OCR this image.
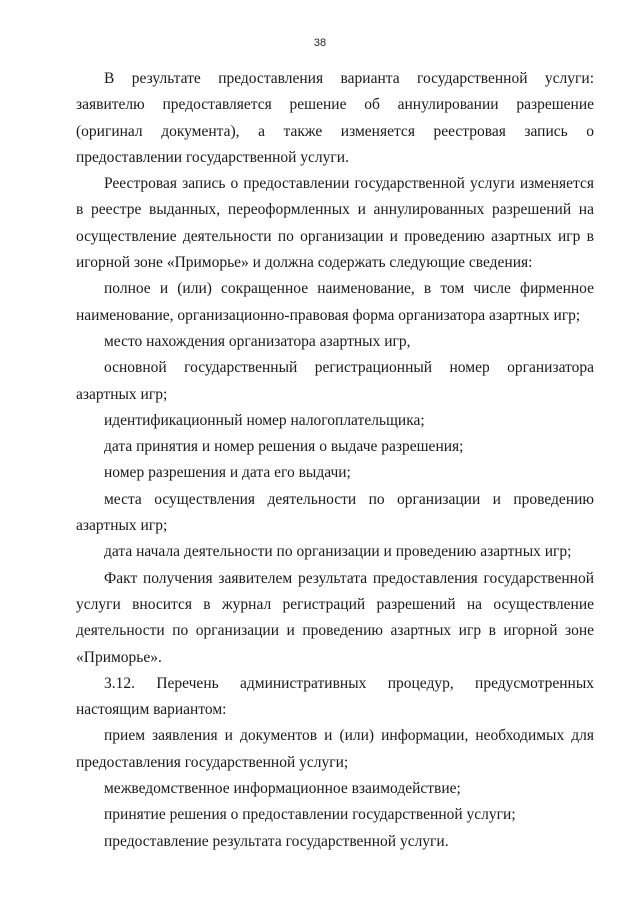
38

В результате предоставления варианта государственной услуги: заявителю предоставляется решение об аннулировании разрешение (оригинал документа), а также изменяется реестровая запись о предоставлении государственной услуги.

Реестровая запись о предоставлении государственной услуги изменяется в реестре выданных, переоформленных и аннулированных разрешений на осуществление деятельности по организации и проведению азартных игр в игорной зоне «Приморье» и должна содержать следующие сведения:

полное и (или) сокращенное наименование, в том числе фирменное наименование, организационно-правовая форма организатора азартных игр;

место нахождения организатора азартных игр,

основной государственный регистрационный номер организатора азартных игр;

идентификационный номер налогоплательщика;

дата принятия и номер решения о выдаче разрешения;

номер разрешения и дата его выдачи;

места осуществления деятельности по организации и проведению азартных игр;

дата начала деятельности по организации и проведению азартных игр;

Факт получения заявителем результата предоставления государственной услуги вносится в журнал регистраций разрешений на осуществление деятельности по организации и проведению азартных игр в игорной зоне «Приморье».

3.12. Перечень административных процедур, предусмотренных настоящим вариантом:

прием заявления и документов и (или) информации, необходимых для предоставления государственной услуги;

межведомственное информационное взаимодействие;

принятие решения о предоставлении государственной услуги;

предоставление результата государственной услуги.
